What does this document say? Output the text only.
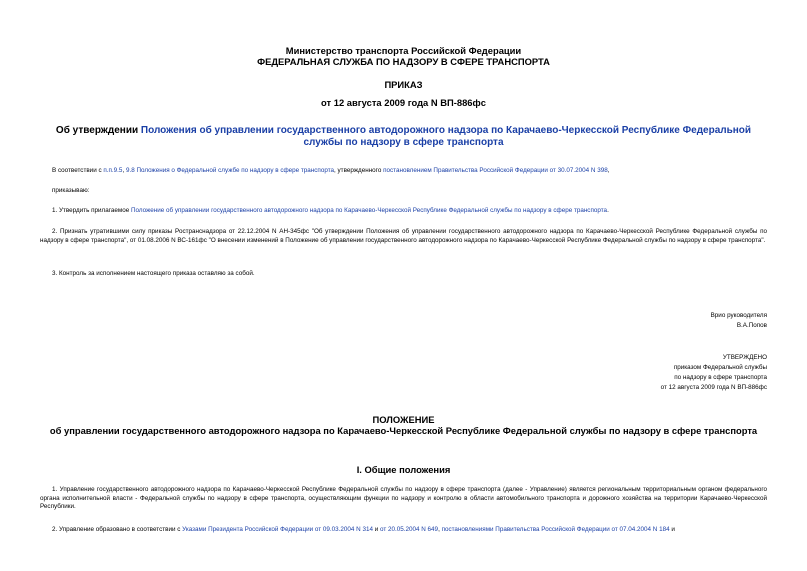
Министерство транспорта Российской Федерации
ФЕДЕРАЛЬНАЯ СЛУЖБА ПО НАДЗОРУ В СФЕРЕ ТРАНСПОРТА
ПРИКАЗ
от 12 августа 2009 года N ВП-886фс
Об утверждении Положения об управлении государственного автодорожного надзора по Карачаево-Черкесской Республике Федеральной службы по надзору в сфере транспорта
В соответствии с п.п.9.5, 9.8 Положения о Федеральной службе по надзору в сфере транспорта, утвержденного постановлением Правительства Российской Федерации от 30.07.2004 N 398,
приказываю:
1. Утвердить прилагаемое Положение об управлении государственного автодорожного надзора по Карачаево-Черкесской Республике Федеральной службы по надзору в сфере транспорта.
2. Признать утратившими силу приказы Ространснадзора от 22.12.2004 N АН-345фс "Об утверждении Положения об управлении государственного автодорожного надзора по Карачаево-Черкесской Республике Федеральной службы по надзору в сфере транспорта", от 01.08.2006 N ВС-161фс "О внесении изменений в Положение об управлении государственного автодорожного надзора по Карачаево-Черкесской Республике Федеральной службы по надзору в сфере транспорта".
3. Контроль за исполнением настоящего приказа оставляю за собой.
Врио руководителя
В.А.Попов
УТВЕРЖДЕНО
приказом Федеральной службы
по надзору в сфере транспорта
от 12 августа 2009 года N ВП-886фс
ПОЛОЖЕНИЕ
об управлении государственного автодорожного надзора по Карачаево-Черкесской Республике Федеральной службы по надзору в сфере транспорта
I. Общие положения
1. Управление государственного автодорожного надзора по Карачаево-Черкесской Республике Федеральной службы по надзору в сфере транспорта (далее - Управление) является региональным территориальным органом федерального органа исполнительной власти - Федеральной службы по надзору в сфере транспорта, осуществляющим функции по надзору и контролю в области автомобильного транспорта и дорожного хозяйства на территории Карачаево-Черкесской Республики.
2. Управление образовано в соответствии с Указами Президента Российской Федерации от 09.03.2004 N 314 и от 20.05.2004 N 649, постановлениями Правительства Российской Федерации от 07.04.2004 N 184 и
